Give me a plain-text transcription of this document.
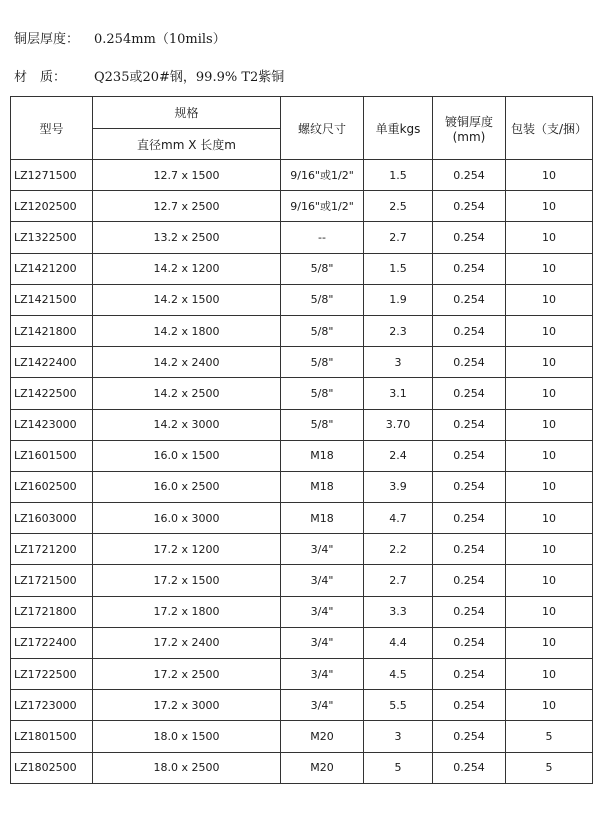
铜层厚度： 0.254mm（10mils）
材　质： Q235或20#钢，99.9% T2紫铜
型号	规格	螺纹尺寸	单重kgs	镀铜厚度 (mm)	包装（支/捆）
	直径mm X 长度m				
LZ1271500	12.7 x 1500	9/16"或1/2"	1.5	0.254	10
LZ1202500	12.7 x 2500	9/16"或1/2"	2.5	0.254	10
LZ1322500	13.2 x 2500	--	2.7	0.254	10
LZ1421200	14.2 x 1200	5/8"	1.5	0.254	10
LZ1421500	14.2 x 1500	5/8"	1.9	0.254	10
LZ1421800	14.2 x 1800	5/8"	2.3	0.254	10
LZ1422400	14.2 x 2400	5/8"	3	0.254	10
LZ1422500	14.2 x 2500	5/8"	3.1	0.254	10
LZ1423000	14.2 x 3000	5/8"	3.70	0.254	10
LZ1601500	16.0 x 1500	M18	2.4	0.254	10
LZ1602500	16.0 x 2500	M18	3.9	0.254	10
LZ1603000	16.0 x 3000	M18	4.7	0.254	10
LZ1721200	17.2 x 1200	3/4"	2.2	0.254	10
LZ1721500	17.2 x 1500	3/4"	2.7	0.254	10
LZ1721800	17.2 x 1800	3/4"	3.3	0.254	10
LZ1722400	17.2 x 2400	3/4"	4.4	0.254	10
LZ1722500	17.2 x 2500	3/4"	4.5	0.254	10
LZ1723000	17.2 x 3000	3/4"	5.5	0.254	10
LZ1801500	18.0 x 1500	M20	3	0.254	5
LZ1802500	18.0 x 2500	M20	5	0.254	5
